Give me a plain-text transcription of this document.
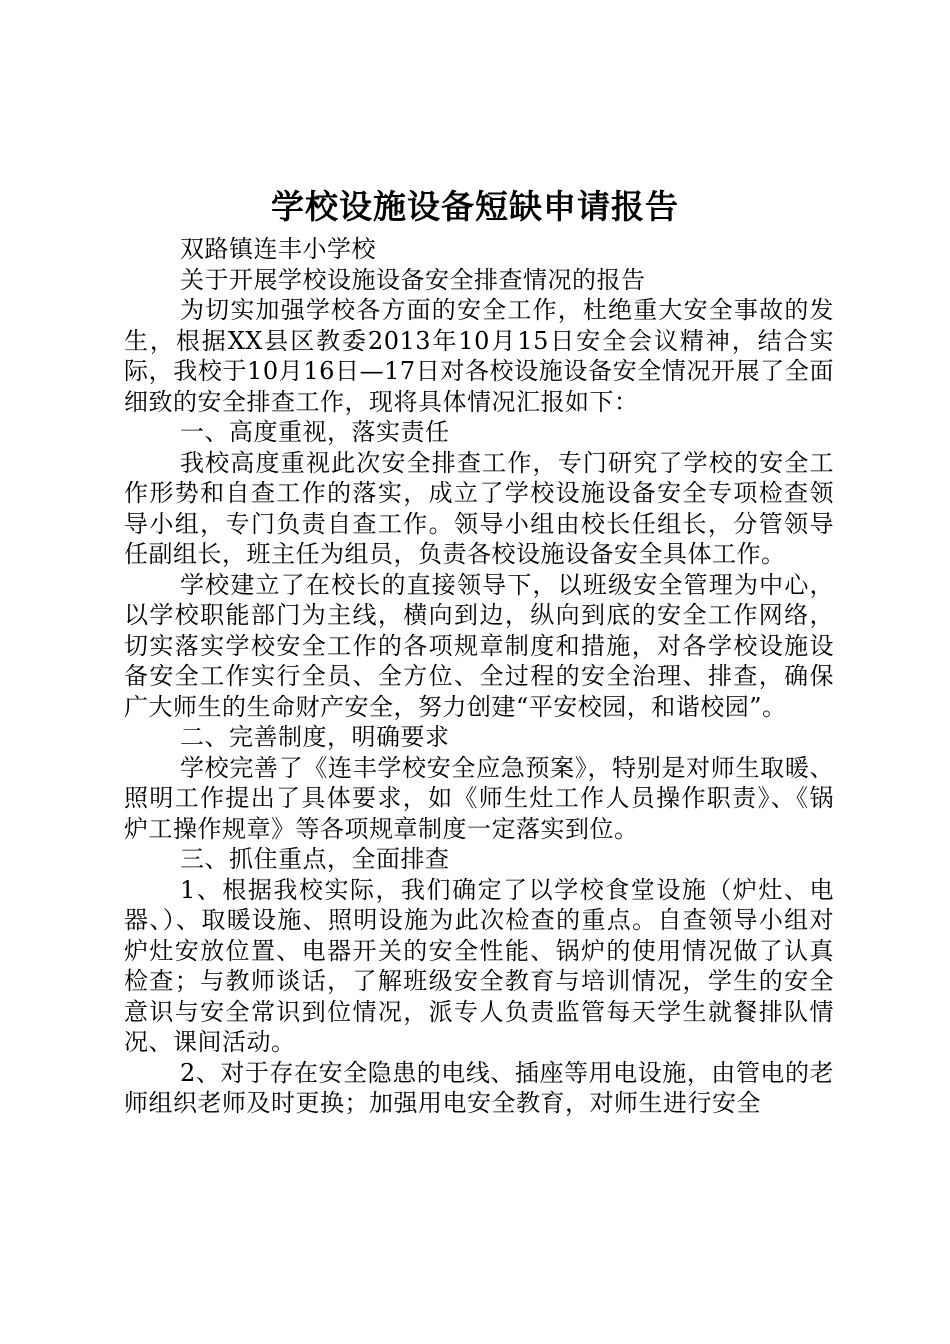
学校设施设备短缺申请报告

双路镇连丰小学校

关于开展学校设施设备安全排查情况的报告

为切实加强学校各方面的安全工作，杜绝重大安全事故的发生，根据XX县区教委2013年10月15日安全会议精神，结合实际，我校于10月16日—17日对各校设施设备安全情况开展了全面细致的安全排查工作，现将具体情况汇报如下：

一、高度重视，落实责任

我校高度重视此次安全排查工作，专门研究了学校的安全工作形势和自查工作的落实，成立了学校设施设备安全专项检查领导小组，专门负责自查工作。领导小组由校长任组长，分管领导任副组长，班主任为组员，负责各校设施设备安全具体工作。

学校建立了在校长的直接领导下，以班级安全管理为中心，以学校职能部门为主线，横向到边，纵向到底的安全工作网络，切实落实学校安全工作的各项规章制度和措施，对各学校设施设备安全工作实行全员、全方位、全过程的安全治理、排查，确保广大师生的生命财产安全，努力创建“平安校园，和谐校园”。

二、完善制度，明确要求

学校完善了《连丰学校安全应急预案》，特别是对师生取暖、照明工作提出了具体要求，如《师生灶工作人员操作职责》、《锅炉工操作规章》等各项规章制度一定落实到位。

三、抓住重点，全面排查

1、根据我校实际，我们确定了以学校食堂设施（炉灶、电器、）、取暖设施、照明设施为此次检查的重点。自查领导小组对炉灶安放位置、电器开关的安全性能、锅炉的使用情况做了认真检查；与教师谈话，了解班级安全教育与培训情况，学生的安全意识与安全常识到位情况，派专人负责监管每天学生就餐排队情况、课间活动。

2、对于存在安全隐患的电线、插座等用电设施，由管电的老师组织老师及时更换；加强用电安全教育，对师生进行安全
